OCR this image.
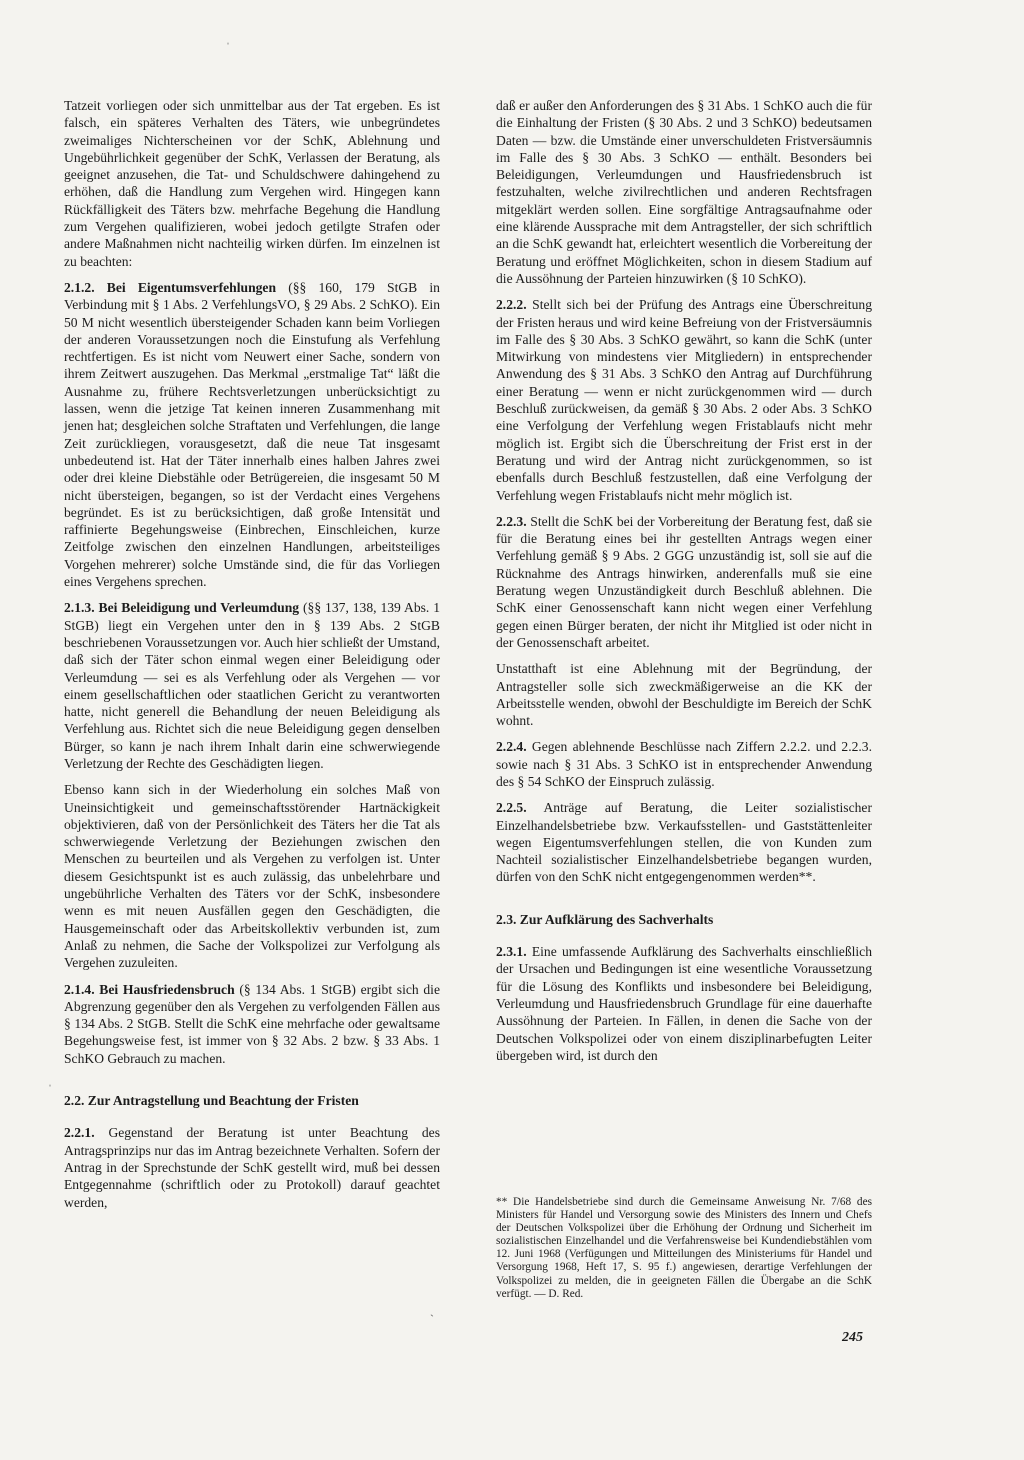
Tatzeit vorliegen oder sich unmittelbar aus der Tat ergeben. Es ist falsch, ein späteres Verhalten des Täters, wie unbegründetes zweimaliges Nichterscheinen vor der SchK, Ablehnung und Ungebührlichkeit gegenüber der SchK, Verlassen der Beratung, als geeignet anzusehen, die Tat- und Schuldschwere dahingehend zu erhöhen, daß die Handlung zum Vergehen wird. Hingegen kann Rückfälligkeit des Täters bzw. mehrfache Begehung die Handlung zum Vergehen qualifizieren, wobei jedoch getilgte Strafen oder andere Maßnahmen nicht nachteilig wirken dürfen. Im einzelnen ist zu beachten:

2.1.2. Bei Eigentumsverfehlungen (§§ 160, 179 StGB in Verbindung mit § 1 Abs. 2 VerfehlungsVO, § 29 Abs. 2 SchKO). Ein 50 M nicht wesentlich übersteigender Schaden kann beim Vorliegen der anderen Voraussetzungen noch die Einstufung als Verfehlung rechtfertigen. Es ist nicht vom Neuwert einer Sache, sondern von ihrem Zeitwert auszugehen. Das Merkmal „erstmalige Tat“ läßt die Ausnahme zu, frühere Rechtsverletzungen unberücksichtigt zu lassen, wenn die jetzige Tat keinen inneren Zusammenhang mit jenen hat; desgleichen solche Straftaten und Verfehlungen, die lange Zeit zurückliegen, vorausgesetzt, daß die neue Tat insgesamt unbedeutend ist. Hat der Täter innerhalb eines halben Jahres zwei oder drei kleine Diebstähle oder Betrügereien, die insgesamt 50 M nicht übersteigen, begangen, so ist der Verdacht eines Vergehens begründet. Es ist zu berücksichtigen, daß große Intensität und raffinierte Begehungsweise (Einbrechen, Einschleichen, kurze Zeitfolge zwischen den einzelnen Handlungen, arbeitsteiliges Vorgehen mehrerer) solche Umstände sind, die für das Vorliegen eines Vergehens sprechen.

2.1.3. Bei Beleidigung und Verleumdung (§§ 137, 138, 139 Abs. 1 StGB) liegt ein Vergehen unter den in § 139 Abs. 2 StGB beschriebenen Voraussetzungen vor. Auch hier schließt der Umstand, daß sich der Täter schon einmal wegen einer Beleidigung oder Verleumdung — sei es als Verfehlung oder als Vergehen — vor einem gesellschaftlichen oder staatlichen Gericht zu verantworten hatte, nicht generell die Behandlung der neuen Beleidigung als Verfehlung aus. Richtet sich die neue Beleidigung gegen denselben Bürger, so kann je nach ihrem Inhalt darin eine schwerwiegende Verletzung der Rechte des Geschädigten liegen.

Ebenso kann sich in der Wiederholung ein solches Maß von Uneinsichtigkeit und gemeinschaftsstörender Hartnäckigkeit objektivieren, daß von der Persönlichkeit des Täters her die Tat als schwerwiegende Verletzung der Beziehungen zwischen den Menschen zu beurteilen und als Vergehen zu verfolgen ist. Unter diesem Gesichtspunkt ist es auch zulässig, das unbelehrbare und ungebührliche Verhalten des Täters vor der SchK, insbesondere wenn es mit neuen Ausfällen gegen den Geschädigten, die Hausgemeinschaft oder das Arbeitskollektiv verbunden ist, zum Anlaß zu nehmen, die Sache der Volkspolizei zur Verfolgung als Vergehen zuzuleiten.

2.1.4. Bei Hausfriedensbruch (§ 134 Abs. 1 StGB) ergibt sich die Abgrenzung gegenüber den als Vergehen zu verfolgenden Fällen aus § 134 Abs. 2 StGB. Stellt die SchK eine mehrfache oder gewaltsame Begehungsweise fest, ist immer von § 32 Abs. 2 bzw. § 33 Abs. 1 SchKO Gebrauch zu machen.

2.2. Zur Antragstellung und Beachtung der Fristen

2.2.1. Gegenstand der Beratung ist unter Beachtung des Antragsprinzips nur das im Antrag bezeichnete Verhalten. Sofern der Antrag in der Sprechstunde der SchK gestellt wird, muß bei dessen Entgegennahme (schriftlich oder zu Protokoll) darauf geachtet werden,

daß er außer den Anforderungen des § 31 Abs. 1 SchKO auch die für die Einhaltung der Fristen (§ 30 Abs. 2 und 3 SchKO) bedeutsamen Daten — bzw. die Umstände einer unverschuldeten Fristversäumnis im Falle des § 30 Abs. 3 SchKO — enthält. Besonders bei Beleidigungen, Verleumdungen und Hausfriedensbruch ist festzuhalten, welche zivilrechtlichen und anderen Rechtsfragen mitgeklärt werden sollen. Eine sorgfältige Antragsaufnahme oder eine klärende Aussprache mit dem Antragsteller, der sich schriftlich an die SchK gewandt hat, erleichtert wesentlich die Vorbereitung der Beratung und eröffnet Möglichkeiten, schon in diesem Stadium auf die Aussöhnung der Parteien hinzuwirken (§ 10 SchKO).

2.2.2. Stellt sich bei der Prüfung des Antrags eine Überschreitung der Fristen heraus und wird keine Befreiung von der Fristversäumnis im Falle des § 30 Abs. 3 SchKO gewährt, so kann die SchK (unter Mitwirkung von mindestens vier Mitgliedern) in entsprechender Anwendung des § 31 Abs. 3 SchKO den Antrag auf Durchführung einer Beratung — wenn er nicht zurückgenommen wird — durch Beschluß zurückweisen, da gemäß § 30 Abs. 2 oder Abs. 3 SchKO eine Verfolgung der Verfehlung wegen Fristablaufs nicht mehr möglich ist. Ergibt sich die Überschreitung der Frist erst in der Beratung und wird der Antrag nicht zurückgenommen, so ist ebenfalls durch Beschluß festzustellen, daß eine Verfolgung der Verfehlung wegen Fristablaufs nicht mehr möglich ist.

2.2.3. Stellt die SchK bei der Vorbereitung der Beratung fest, daß sie für die Beratung eines bei ihr gestellten Antrags wegen einer Verfehlung gemäß § 9 Abs. 2 GGG unzuständig ist, soll sie auf die Rücknahme des Antrags hinwirken, anderenfalls muß sie eine Beratung wegen Unzuständigkeit durch Beschluß ablehnen. Die SchK einer Genossenschaft kann nicht wegen einer Verfehlung gegen einen Bürger beraten, der nicht ihr Mitglied ist oder nicht in der Genossenschaft arbeitet.

Unstatthaft ist eine Ablehnung mit der Begründung, der Antragsteller solle sich zweckmäßigerweise an die KK der Arbeitsstelle wenden, obwohl der Beschuldigte im Bereich der SchK wohnt.

2.2.4. Gegen ablehnende Beschlüsse nach Ziffern 2.2.2. und 2.2.3. sowie nach § 31 Abs. 3 SchKO ist in entsprechender Anwendung des § 54 SchKO der Einspruch zulässig.

2.2.5. Anträge auf Beratung, die Leiter sozialistischer Einzelhandelsbetriebe bzw. Verkaufsstellen- und Gaststättenleiter wegen Eigentumsverfehlungen stellen, die von Kunden zum Nachteil sozialistischer Einzelhandelsbetriebe begangen wurden, dürfen von den SchK nicht entgegengenommen werden**.

2.3. Zur Aufklärung des Sachverhalts

2.3.1. Eine umfassende Aufklärung des Sachverhalts einschließlich der Ursachen und Bedingungen ist eine wesentliche Voraussetzung für die Lösung des Konflikts und insbesondere bei Beleidigung, Verleumdung und Hausfriedensbruch Grundlage für eine dauerhafte Aussöhnung der Parteien. In Fällen, in denen die Sache von der Deutschen Volkspolizei oder von einem disziplinarbefugten Leiter übergeben wird, ist durch den

** Die Handelsbetriebe sind durch die Gemeinsame Anweisung Nr. 7/68 des Ministers für Handel und Versorgung sowie des Ministers des Innern und Chefs der Deutschen Volkspolizei über die Erhöhung der Ordnung und Sicherheit im sozialistischen Einzelhandel und die Verfahrensweise bei Kundendiebstählen vom 12. Juni 1968 (Verfügungen und Mitteilungen des Ministeriums für Handel und Versorgung 1968, Heft 17, S. 95 f.) angewiesen, derartige Verfehlungen der Volkspolizei zu melden, die in geeigneten Fällen die Übergabe an die SchK verfügt. — D. Red.
245
ˈ
ˈ
ˋ
